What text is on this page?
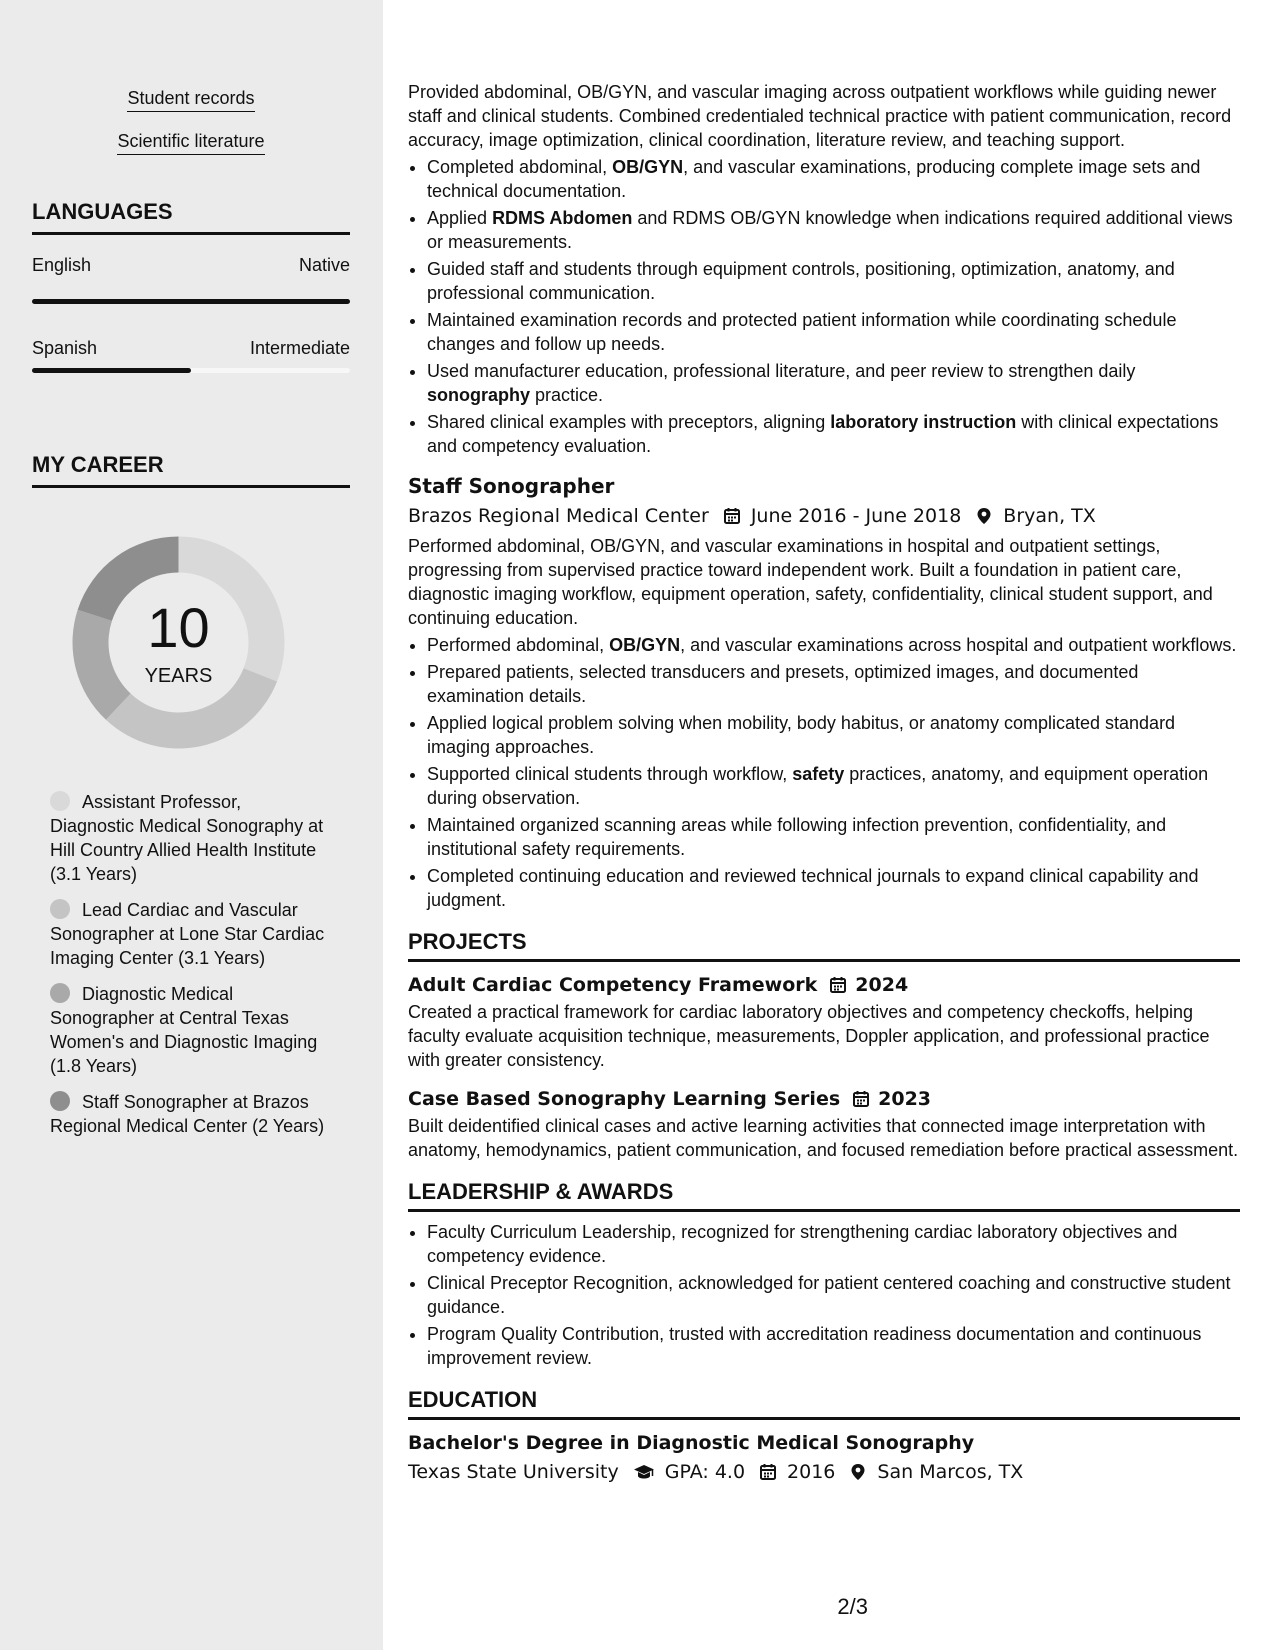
Student records
Scientific literature
LANGUAGES
English	Native
Spanish	Intermediate
MY CAREER
10
YEARS
Assistant Professor, Diagnostic Medical Sonography at Hill Country Allied Health Institute (3.1 Years)
Lead Cardiac and Vascular Sonographer at Lone Star Cardiac Imaging Center (3.1 Years)
Diagnostic Medical Sonographer at Central Texas Women's and Diagnostic Imaging (1.8 Years)
Staff Sonographer at Brazos Regional Medical Center (2 Years)

Provided abdominal, OB/GYN, and vascular imaging across outpatient workflows while guiding newer staff and clinical students. Combined credentialed technical practice with patient communication, record accuracy, image optimization, clinical coordination, literature review, and teaching support.

• Completed abdominal, OB/GYN, and vascular examinations, producing complete image sets and technical documentation.
• Applied RDMS Abdomen and RDMS OB/GYN knowledge when indications required additional views or measurements.
• Guided staff and students through equipment controls, positioning, optimization, anatomy, and professional communication.
• Maintained examination records and protected patient information while coordinating schedule changes and follow up needs.
• Used manufacturer education, professional literature, and peer review to strengthen daily sonography practice.
• Shared clinical examples with preceptors, aligning laboratory instruction with clinical expectations and competency evaluation.
Staff Sonographer
Brazos Regional Medical Center June 2016 - June 2018 Bryan, TX

Performed abdominal, OB/GYN, and vascular examinations in hospital and outpatient settings, progressing from supervised practice toward independent work. Built a foundation in patient care, diagnostic imaging workflow, equipment operation, safety, confidentiality, clinical student support, and continuing education.

• Performed abdominal, OB/GYN, and vascular examinations across hospital and outpatient workflows.
• Prepared patients, selected transducers and presets, optimized images, and documented examination details.
• Applied logical problem solving when mobility, body habitus, or anatomy complicated standard imaging approaches.
• Supported clinical students through workflow, safety practices, anatomy, and equipment operation during observation.
• Maintained organized scanning areas while following infection prevention, confidentiality, and institutional safety requirements.
• Completed continuing education and reviewed technical journals to expand clinical capability and judgment.
PROJECTS
Adult Cardiac Competency Framework 2024

Created a practical framework for cardiac laboratory objectives and competency checkoffs, helping faculty evaluate acquisition technique, measurements, Doppler application, and professional practice with greater consistency.

Case Based Sonography Learning Series 2023

Built deidentified clinical cases and active learning activities that connected image interpretation with anatomy, hemodynamics, patient communication, and focused remediation before practical assessment.

LEADERSHIP & AWARDS
• Faculty Curriculum Leadership, recognized for strengthening cardiac laboratory objectives and competency evidence.
• Clinical Preceptor Recognition, acknowledged for patient centered coaching and constructive student guidance.
• Program Quality Contribution, trusted with accreditation readiness documentation and continuous improvement review.
EDUCATION
Bachelor's Degree in Diagnostic Medical Sonography
Texas State University GPA: 4.0 2016 San Marcos, TX
2/3
